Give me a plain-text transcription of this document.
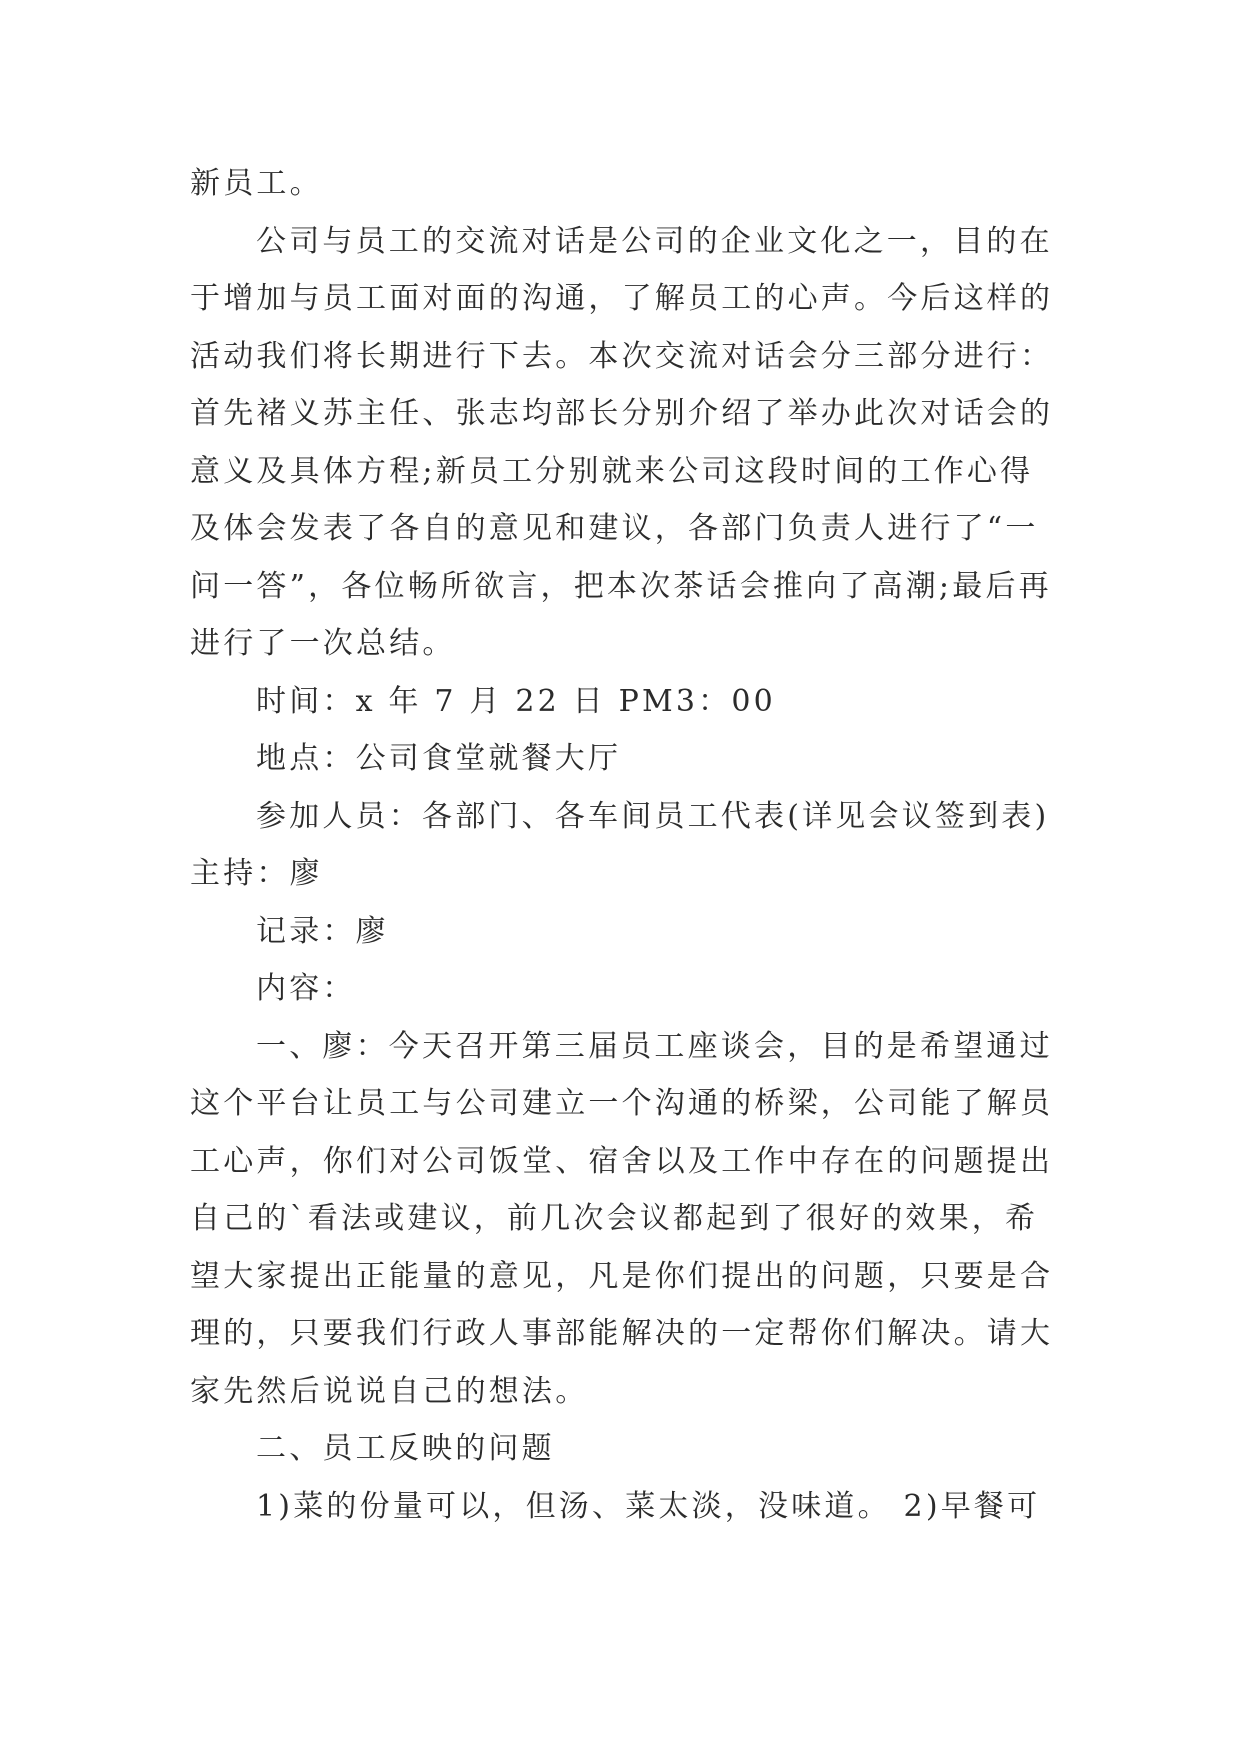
新员工。
公司与员工的交流对话是公司的企业文化之一，目的在
于增加与员工面对面的沟通，了解员工的心声。今后这样的
活动我们将长期进行下去。本次交流对话会分三部分进行：
首先褚义苏主任、张志均部长分别介绍了举办此次对话会的
意义及具体方程;新员工分别就来公司这段时间的工作心得
及体会发表了各自的意见和建议，各部门负责人进行了“一
问一答”，各位畅所欲言，把本次茶话会推向了高潮;最后再
进行了一次总结。
时间：x 年 7 月 22 日 PM3：00
地点：公司食堂就餐大厅
参加人员：各部门、各车间员工代表(详见会议签到表)
主持：廖
记录：廖
内容：
一、廖：今天召开第三届员工座谈会，目的是希望通过
这个平台让员工与公司建立一个沟通的桥梁，公司能了解员
工心声，你们对公司饭堂、宿舍以及工作中存在的问题提出
自己的`看法或建议，前几次会议都起到了很好的效果，希
望大家提出正能量的意见，凡是你们提出的问题，只要是合
理的，只要我们行政人事部能解决的一定帮你们解决。请大
家先然后说说自己的想法。
二、员工反映的问题
1)菜的份量可以，但汤、菜太淡，没味道。 2)早餐可
